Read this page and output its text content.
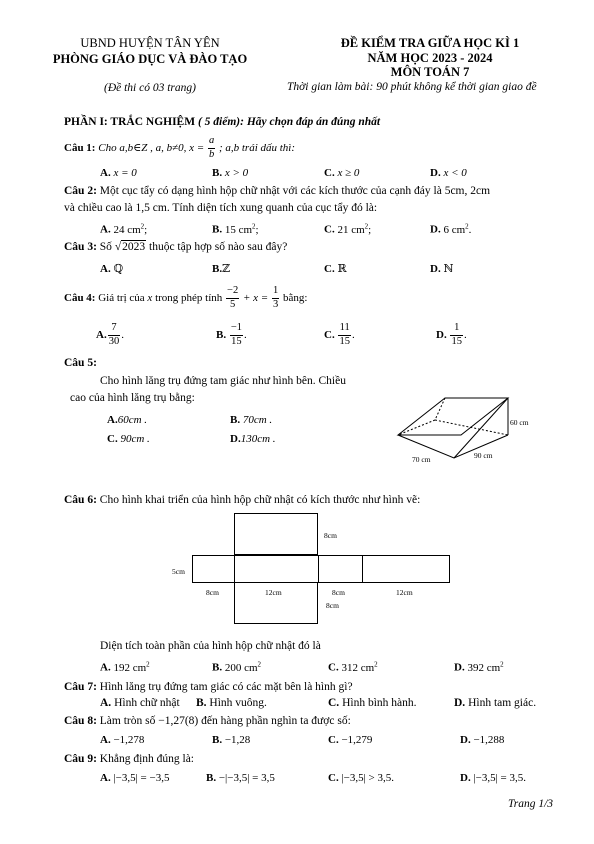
UBND HUYỆN TÂN YÊN
PHÒNG GIÁO DỤC VÀ ĐÀO TẠO
(Đề thi có 03 trang)
ĐỀ KIỂM TRA GIỮA HỌC KÌ 1
NĂM HỌC 2023 - 2024
MÔN TOÁN 7
Thời gian làm bài: 90 phút không kể thời gian giao đề
PHẦN I: TRẮC NGHIỆM ( 5 điểm): Hãy chọn đáp án đúng nhất
Câu 1: Cho a,b∈Z , a, b≠0, $x = \frac{a}{b}$ ; a,b trái dấu thì:
A. x = 0	B. x > 0	C. x ≥ 0	D. x < 0
Câu 2: Một cục tẩy có dạng hình hộp chữ nhật với các kích thước của cạnh đáy là 5cm, 2cm
và chiều cao là 1,5 cm. Tính diện tích xung quanh của cục tẩy đó là:
A. 24 $cm^2$;	B. 15 $cm^2$;	C. 21 $cm^2$;	D. 6 $cm^2$.
Câu 3: Số √2023 thuộc tập hợp số nào sau đây?
A. ℚ	B.ℤ	C. ℝ	D. ℕ
Câu 4: Giá trị của x trong phép tính $\frac{-2}{5} + x = \frac{1}{3}$ bằng:
A. $\frac{7}{30}$ .	B. $\frac{-1}{15}$ .	C. $\frac{11}{15}$ .	D. $\frac{1}{15}$ .
Câu 5:
Cho hình lăng trụ đứng tam giác như hình bên. Chiều
cao của hình lăng trụ bằng:
A.60cm .	B. 70cm .
C. 90cm .	D.130cm .
60 cm
70 cm	90 cm
Câu 6: Cho hình khai triển của hình hộp chữ nhật có kích thước như hình vẽ:
8cm
5cm
8cm	12cm	8cm	12cm
8cm
Diện tích toàn phần của hình hộp chữ nhật đó là
A. 192 $cm^2$	B. 200 $cm^2$	C. 312 $cm^2$	D. 392 $cm^2$
Câu 7: Hình lăng trụ đứng tam giác có các mặt bên là hình gì?
A. Hình chữ nhật B. Hình vuông.	C. Hình bình hành.	D. Hình tam giác.
Câu 8: Làm tròn số −1,27(8) đến hàng phần nghìn ta được số:
A. −1,278	B. −1,28	C. −1,279	D. −1,288
Câu 9: Khẳng định đúng là:
A. |−3,5| = −3,5	B. −|−3,5| = 3,5	C. |−3,5| > 3,5.	D. |−3,5| = 3,5.
Trang 1/3
